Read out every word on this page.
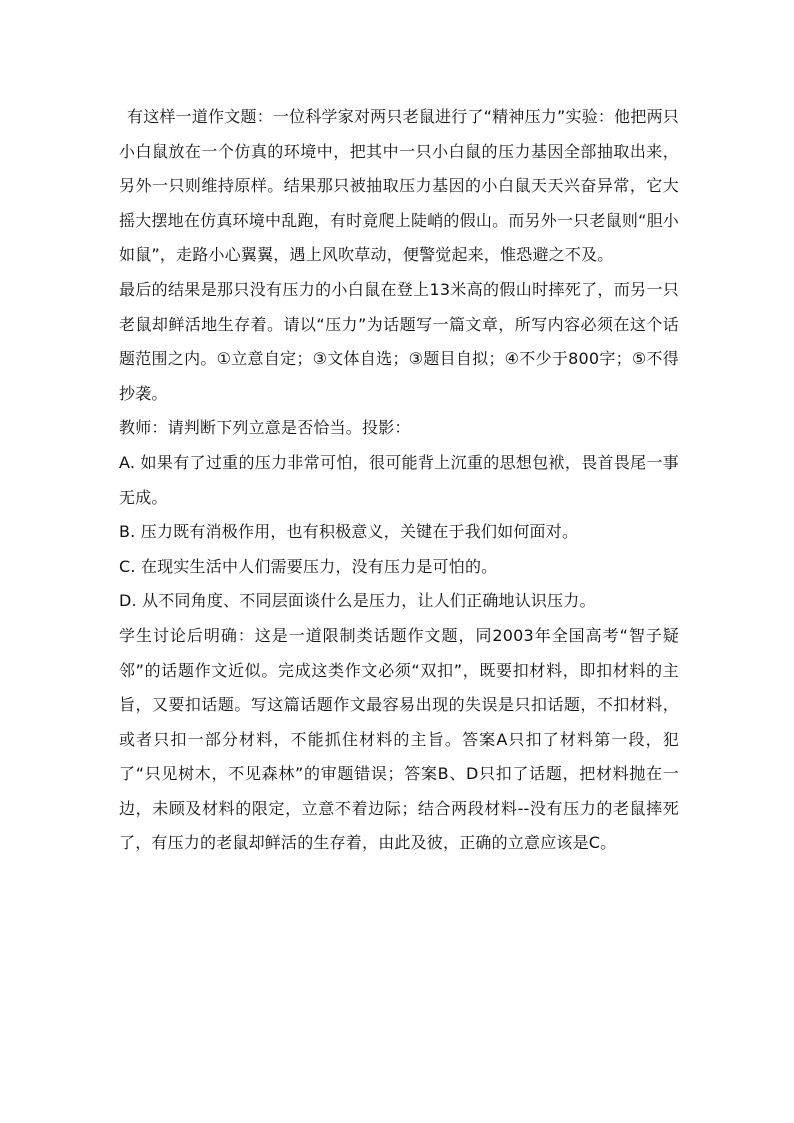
有这样一道作文题：一位科学家对两只老鼠进行了“精神压力”实验：他把两只小白鼠放在一个仿真的环境中，把其中一只小白鼠的压力基因全部抽取出来，另外一只则维持原样。结果那只被抽取压力基因的小白鼠天天兴奋异常，它大摇大摆地在仿真环境中乱跑，有时竟爬上陡峭的假山。而另外一只老鼠则“胆小如鼠”，走路小心翼翼，遇上风吹草动，便警觉起来，惟恐避之不及。

最后的结果是那只没有压力的小白鼠在登上13米高的假山时摔死了，而另一只老鼠却鲜活地生存着。请以“压力”为话题写一篇文章，所写内容必须在这个话题范围之内。①立意自定；③文体自选；③题目自拟；④不少于800字；⑤不得抄袭。

教师：请判断下列立意是否恰当。投影：

A. 如果有了过重的压力非常可怕，很可能背上沉重的思想包袱，畏首畏尾一事无成。

B. 压力既有消极作用，也有积极意义，关键在于我们如何面对。

C. 在现实生活中人们需要压力，没有压力是可怕的。

D. 从不同角度、不同层面谈什么是压力，让人们正确地认识压力。

学生讨论后明确：这是一道限制类话题作文题，同2003年全国高考“智子疑邻”的话题作文近似。完成这类作文必须“双扣”，既要扣材料，即扣材料的主旨，又要扣话题。写这篇话题作文最容易出现的失误是只扣话题，不扣材料，或者只扣一部分材料，不能抓住材料的主旨。答案A只扣了材料第一段，犯了“只见树木，不见森林”的审题错误；答案B、D只扣了话题，把材料抛在一边，未顾及材料的限定，立意不着边际；结合两段材料--没有压力的老鼠摔死了，有压力的老鼠却鲜活的生存着，由此及彼，正确的立意应该是C。
